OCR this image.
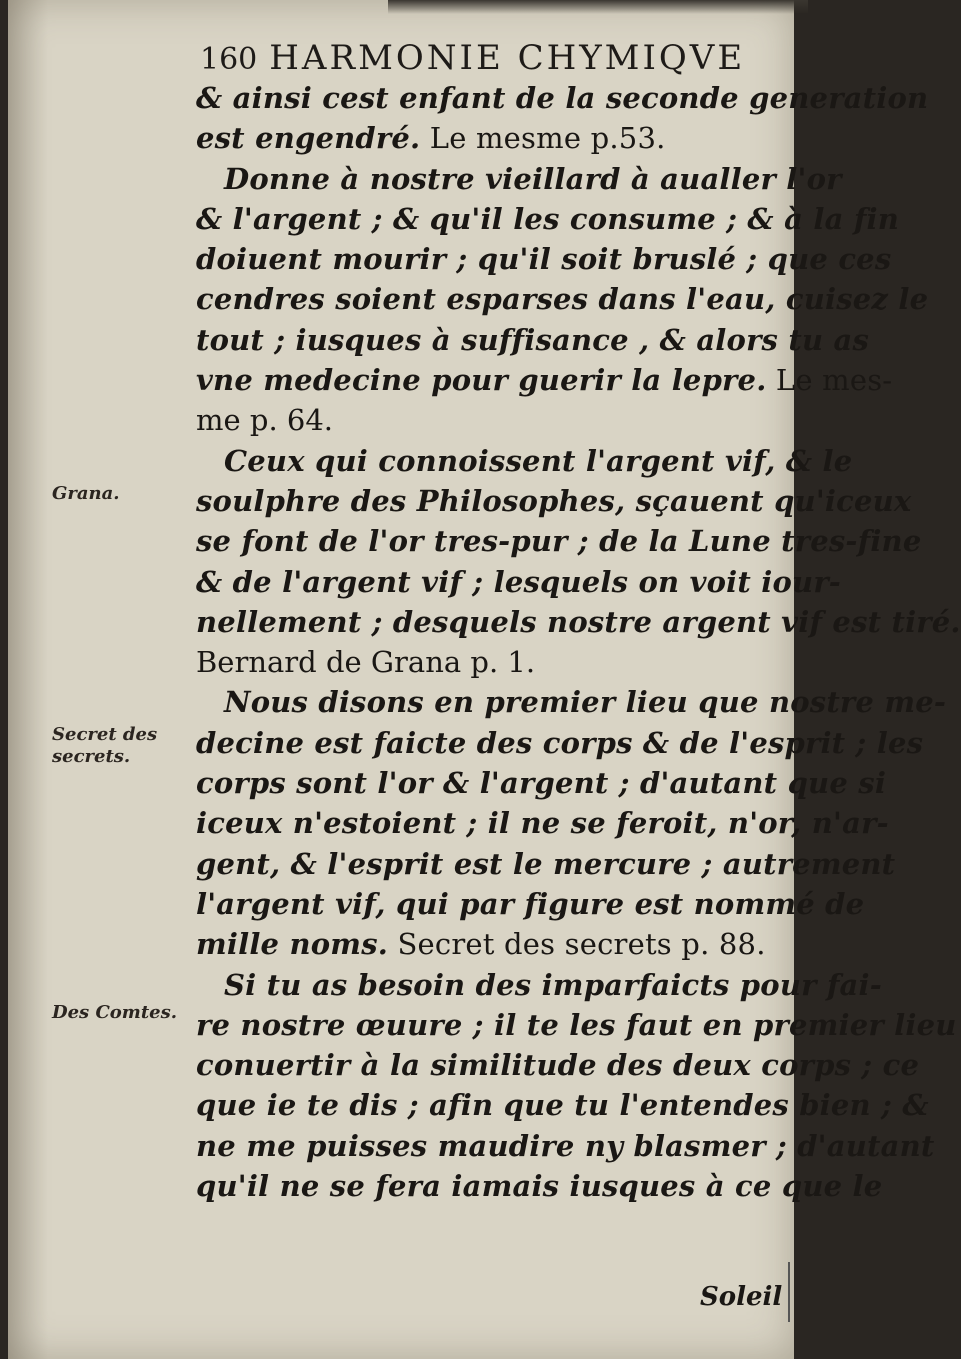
160 HARMONIE CHYMIQVE
Grana.
Secret des secrets.
Des Comtes.
& ainsi cest enfant de la seconde generation
est engendré. Le mesme p.53.
Donne à nostre vieillard à aualler l'or
& l'argent ; & qu'il les consume ; & à la fin
doiuent mourir ; qu'il soit bruslé ; que ces
cendres soient esparses dans l'eau, cuisez le
tout ; iusques à suffisance , & alors tu as
vne medecine pour guerir la lepre. Le mes-
me p. 64.
Ceux qui connoissent l'argent vif, & le
soulphre des Philosophes, sçauent qu'iceux
se font de l'or tres-pur ; de la Lune tres-fine
& de l'argent vif ; lesquels on voit iour-
nellement ; desquels nostre argent vif est tiré.
Bernard de Grana p. 1.
Nous disons en premier lieu que nostre me-
decine est faicte des corps & de l'esprit ; les
corps sont l'or & l'argent ; d'autant que si
iceux n'estoient ; il ne se feroit, n'or, n'ar-
gent, & l'esprit est le mercure ; autrement
l'argent vif, qui par figure est nommé de
mille noms. Secret des secrets p. 88.
Si tu as besoin des imparfaicts pour fai-
re nostre œuure ; il te les faut en premier lieu
conuertir à la similitude des deux corps ; ce
que ie te dis ; afin que tu l'entendes bien ; &
ne me puisses maudire ny blasmer ; d'autant
qu'il ne se fera iamais iusques à ce que le
Soleil
